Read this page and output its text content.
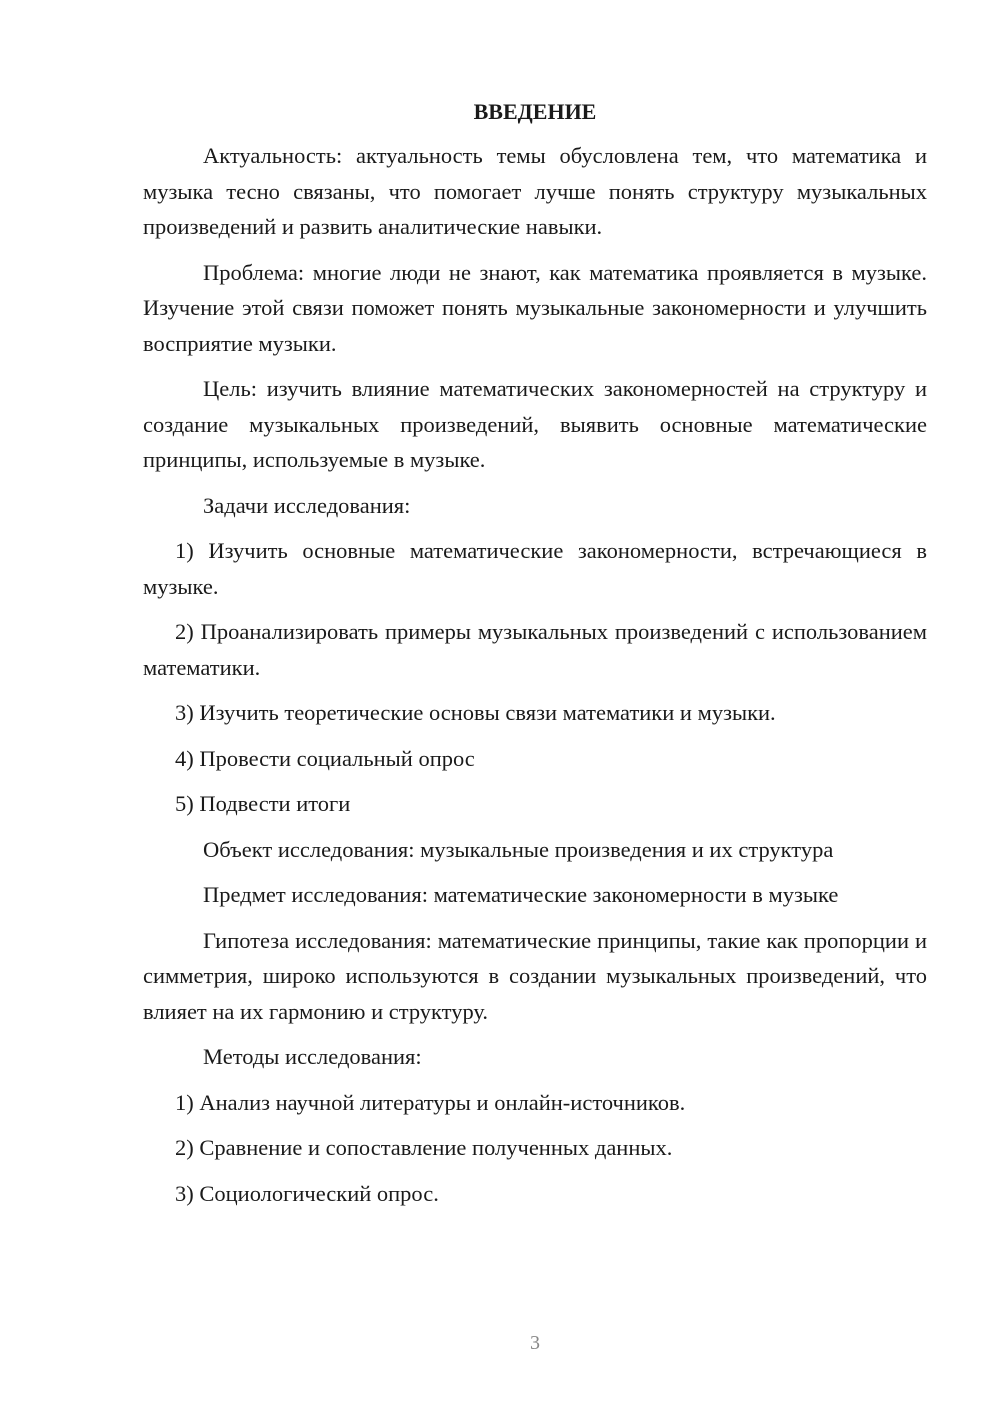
ВВЕДЕНИЕ

Актуальность: актуальность темы обусловлена тем, что математика и музыка тесно связаны, что помогает лучше понять структуру музыкальных произведений и развить аналитические навыки.

Проблема: многие люди не знают, как математика проявляется в музыке. Изучение этой связи поможет понять музыкальные закономерности и улучшить восприятие музыки.

Цель: изучить влияние математических закономерностей на структуру и создание музыкальных произведений, выявить основные математические принципы, используемые в музыке.

Задачи исследования:

1) Изучить основные математические закономерности, встречающиеся в музыке.

2) Проанализировать примеры музыкальных произведений с использованием математики.

3) Изучить теоретические основы связи математики и музыки.

4) Провести социальный опрос

5) Подвести итоги

Объект исследования: музыкальные произведения и их структура

Предмет исследования: математические закономерности в музыке

Гипотеза исследования: математические принципы, такие как пропорции и симметрия, широко используются в создании музыкальных произведений, что влияет на их гармонию и структуру.

Методы исследования:

1) Анализ научной литературы и онлайн-источников.

2) Сравнение и сопоставление полученных данных.

3) Социологический опрос.

3
